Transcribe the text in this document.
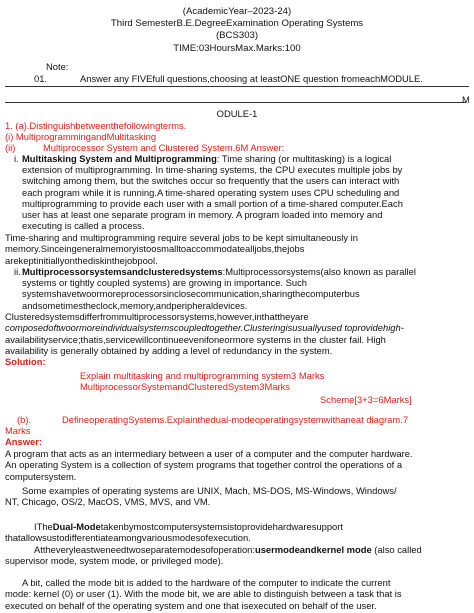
(AcademicYear–2023-24)
Third SemesterB.E.DegreeExamination Operating Systems
(BCS303)
TIME:03HoursMax.Marks:100
Note:
01.	Answer any FIVEfull questions,choosing at leastONE question fromeachMODULE.
M
ODULE-1
1. (a).Distinguishbetweenthefollowingterms.
(i) MultiprogrammingandMultitasking
(ii)	Multiprocessor System and Clustered System.6M Answer:
i. Multitasking System and Multiprogramming: Time sharing (or multitasking) is a logical
extension of multiprogramming. In time-sharing systems, the CPU executes multiple jobs by
switching among them, but the switches occur so frequently that the users can interact with
each program while it is running.A time-shared operating system uses CPU scheduling and
multiprogramming to provide each user with a small portion of a time-shared computer.Each
user has at least one separate program in memory. A program loaded into memory and
executing is called a process.
Time-sharing and multiprogramming require several jobs to be kept simultaneously in
memory.Sinceingeneralmemoryistoosmalltoaccommodatealljobs,thejobs
arekeptinitiallyonthediskinthejobpool.
ii. Multiprocessorsystemsandclusteredsystems:Multiprocessorsystems(also known as parallel
systems or tightly coupled systems) are growing in importance. Such
systemshavetwoormoreprocessorsinclosecommunication,sharingthecomputerbus
andsometimestheclock,memory,andperipheraldevices.
Clusteredsystemsdifferfrommultiprocessorsystems,however,inthattheyare
composedoftwoormoreindividualsystemscoupledtogether.Clusteringisusuallyused toprovidehigh-
availabilityservice;thatis,servicewillcontinueevenifoneormore systems in the cluster fail. High
availability is generally obtained by adding a level of redundancy in the system.
Solution:
Explain multitasking and multiprogramming system3 Marks
MultiprocessorSystemandClusteredSystem3Marks
Scheme[3+3=6Marks]
(b).	DefineoperatingSystems.Explainthedual-modeoperatingsystemwithaneat diagram.7
Marks
Answer:
A program that acts as an intermediary between a user of a computer and the computer hardware.
An operating System is a collection of system programs that together control the operations of a
computersystem.
Some examples of operating systems are UNIX, Mach, MS-DOS, MS-Windows, Windows/
NT, Chicago, OS/2, MacOS, VMS, MVS, and VM.
ITheDual-Modetakenbymostcomputersystemsistoprovidehardwaresupport
thatallowsustodifferentiateamongvariousmodesofexecution.
Attheveryleastweneedtwoseparatemodesofoperation:usermodeandkernel mode (also called
supervisor mode, system mode, or privileged mode).
A bit, called the mode bit is added to the hardware of the computer to indicate the current
mode: kernel (0) or user (1). With the mode bit, we are able to distinguish between a task that is
executed on behalf of the operating system and one that isexecuted on behalf of the user.
